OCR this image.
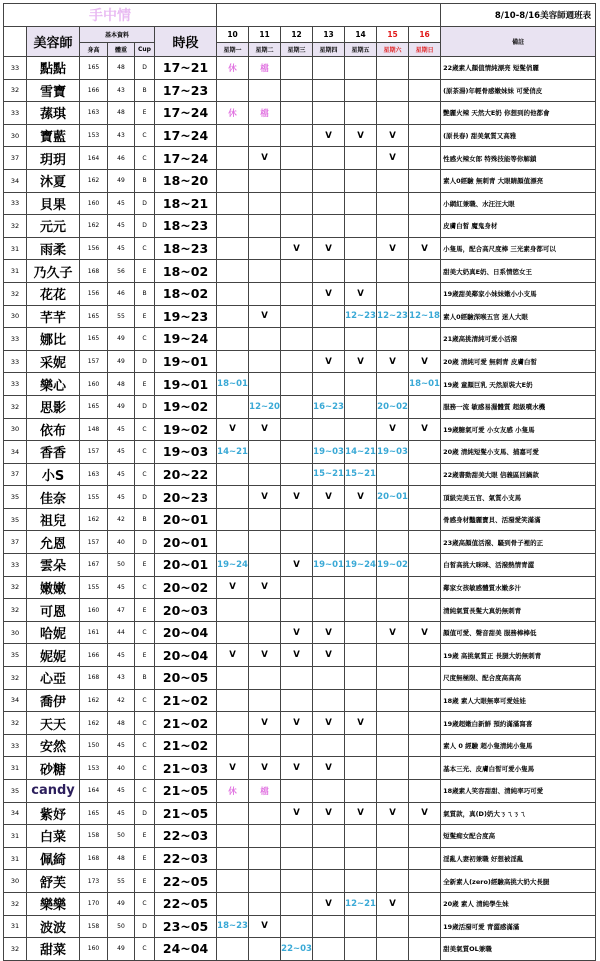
手中情													8/10-8/16美容師週班表
	美容師	基本資料			時段	10	11	12	13	14	15	16	備註
		身高	體重	Cup		星期一	星期二	星期三	星期四	星期五	星期六	星期日	
33	點點	165	48	D	17~21	休	檔						22歲素人顏值情純漂亮 短髮俏麗
32	雪寶	166	43	B	17~23								(原茶湯)年輕骨感嫩妹妹 可愛俏皮
33	蓀琪	163	48	E	17~24	休	檔						艷麗火辣 天然大E奶 你想到的他都會
30	寶藍	153	43	C	17~24				V	V	V		(原長春) 甜美氣質又高雅
37	玥玥	164	46	C	17~24		V				V		性感火辣女郎 特殊技能等你解鎖
34	沐夏	162	49	B	18~20								素人0經驗 無刺青 大眼睛顏值漂亮
33	貝果	160	45	D	18~21								小網紅兼職、水汪汪大眼
32	元元	162	45	D	18~23								皮膚白皙 魔鬼身材
31	雨柔	156	45	C	18~23			V	V		V	V	小隻馬，配合高尺度棒 三光素身都可以
31	乃久子	168	56	E	18~02								甜美大奶真E奶、日系情慾女王
32	花花	156	46	B	18~02				V	V			19歲甜美鄰家小妹妹嫩小小支馬
30	芊芊	165	55	E	19~23		V			12~23	12~23	12~18	素人0經驗深喉五官 迷人大眼
33	娜比	165	49	C	19~24								21歲高挑清純可愛小活潑
33	采妮	157	49	D	19~01				V	V	V	V	20歲 清純可愛 無刺青 皮膚白皙
33	樂心	160	48	E	19~01	18~01						18~01	19歲 童顏巨乳 天然原裝大E奶
32	思影	165	49	D	19~02		12~20		16~23		20~02		服務一流 敏感易濕體質 超級噴水機
30	依布	148	45	C	19~02	V	V				V	V	19歲糖氣可愛 小女友感 小隻馬
34	香香	157	45	C	19~03	14~21			19~03	14~21	19~03		20歲 清純短髮小支馬、捕嘉可愛
37	小S	163	45	C	20~22				15~21	15~21			22歲書動甜美大眼 信義區回鍋款
35	佳奈	155	45	D	20~23		V	V	V	V	20~01		頂級完美五官、氣質小支馬
35	祖兒	162	42	B	20~01								骨感身材豔麗寶貝、活潑愛笑滿滿
37	允恩	157	40	D	20~01								23歲高顏值活潑、騷到骨子裡的正
33	雲朵	167	50	E	20~01	19~24		V	19~01	19~24	19~02		白皙高挑大咪咪、活潑熱情青澀
32	嫩嫩	155	45	C	20~02	V	V						鄰家女孩敏感體質水嫩多汁
32	可恩	160	47	E	20~03								清純氣質長髮大真奶無刺青
30	哈妮	161	44	C	20~04			V	V		V	V	顏值可愛、聲音甜美 服務棒棒低
35	妮妮	166	45	E	20~04	V	V	V	V				19歲 高挑氣質正 長腿大奶無刺青
32	心亞	168	43	B	20~05								尺度無極限、配合度高高高
34	喬伊	162	42	C	21~02								18歲 素人大眼無辜可愛娃娃
32	天天	162	48	C	21~02		V	V	V	V			19歲超嫩白新鮮 預約滿滿寫喜
33	安然	150	45	C	21~02								素人 0 經驗 超小隻清純小隻馬
31	砂糖	153	40	C	21~03	V	V	V	V				基本三光、皮膚白皙可愛小隻馬
35	candy	164	45	C	21~05	休	檔						18歲素人笑容甜甜、清純率巧可愛
34	紫妤	165	45	D	21~05			V	V	V	V	V	氣質款，真(D)奶大ㄋㄟㄋㄟ
31	白菜	158	50	E	22~03								短髮痴女配合度高
31	佩綺	168	48	E	22~03								淫亂人妻初兼職 好想被淫亂
30	舒芙	173	55	E	22~05								全新素人(zero)經驗高挑大奶大長腿
32	樂樂	170	49	C	22~05				V	12~21	V		20歲 素人 清純學生妹
31	波波	158	50	D	23~05	18~23	V						19歲活潑可愛 青澀感滿滿
32	甜菜	160	49	C	24~04			22~03					甜美氣質OL兼職
